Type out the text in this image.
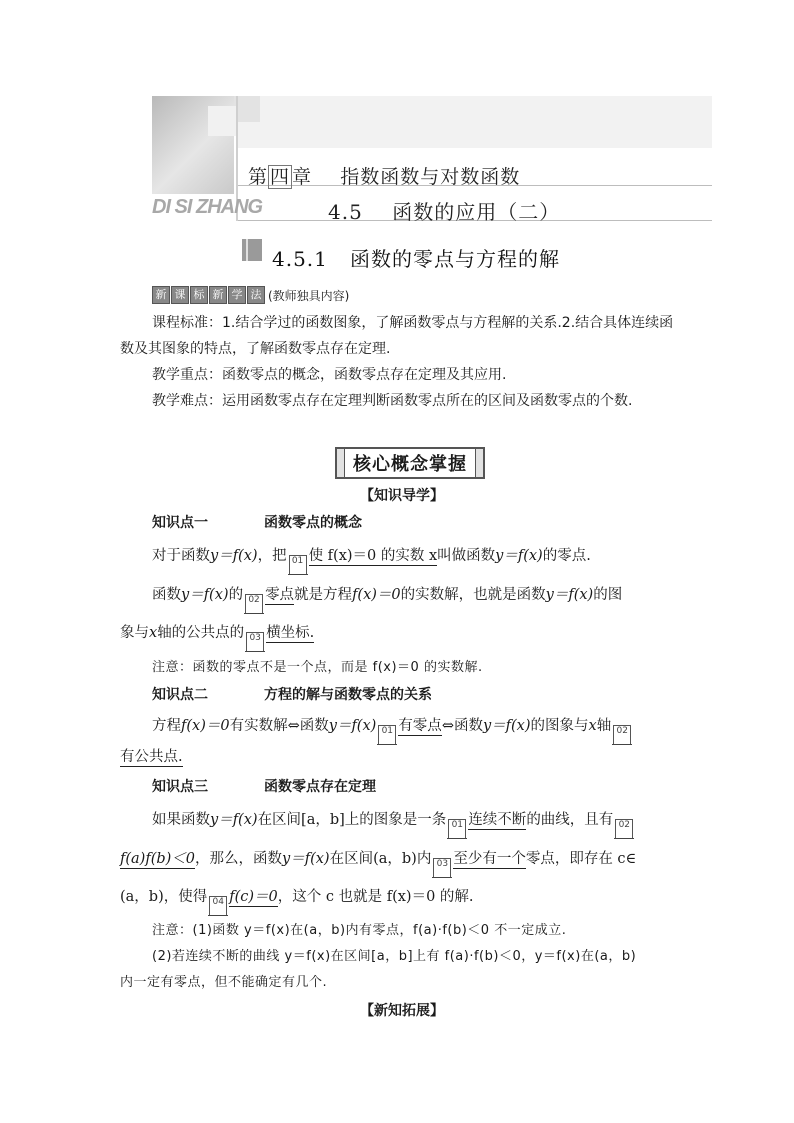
DI SI ZHANG
第 四 章 指数函数与对数函数
4.5 函数的应用（二）
4.5.1 函数的零点与方程的解
新 课 标 新 学 法 (教师独具内容)
课程标准：1.结合学过的函数图象，了解函数零点与方程解的关系.2.结合具体连续函数及其图象的特点，了解函数零点存在定理.
教学重点：函数零点的概念，函数零点存在定理及其应用.
教学难点：运用函数零点存在定理判断函数零点所在的区间及函数零点的个数.
核心概念掌握
【知识导学】
知识点一	函数零点的概念
对于函数y＝f(x)，把 01 使 f(x)＝0 的实数 x叫做函数y＝f(x)的零点.
函数y＝f(x)的 02 零点就是方程f(x)＝0的实数解，也就是函数y＝f(x)的图
象与x轴的公共点的 03 横坐标.
注意：函数的零点不是一个点，而是 f(x)＝0 的实数解.
知识点二	方程的解与函数零点的关系
方程f(x)＝0有实数解⇔函数y＝f(x) 01 有零点⇔函数y＝f(x)的图象与x轴 02
有公共点.
知识点三	函数零点存在定理
如果函数y＝f(x)在区间[a，b]上的图象是一条 01 连续不断的曲线，且有 02
f(a)f(b)＜0，那么，函数y＝f(x)在区间(a，b)内 03 至少有一个零点，即存在 c∈
(a，b)，使得 04 f(c)＝0，这个 c 也就是 f(x)＝0 的解.
注意：(1)函数 y＝f(x)在(a，b)内有零点，f(a)·f(b)＜0 不一定成立.
(2)若连续不断的曲线 y＝f(x)在区间[a，b]上有 f(a)·f(b)＜0，y＝f(x)在(a，b)
内一定有零点，但不能确定有几个.
【新知拓展】
